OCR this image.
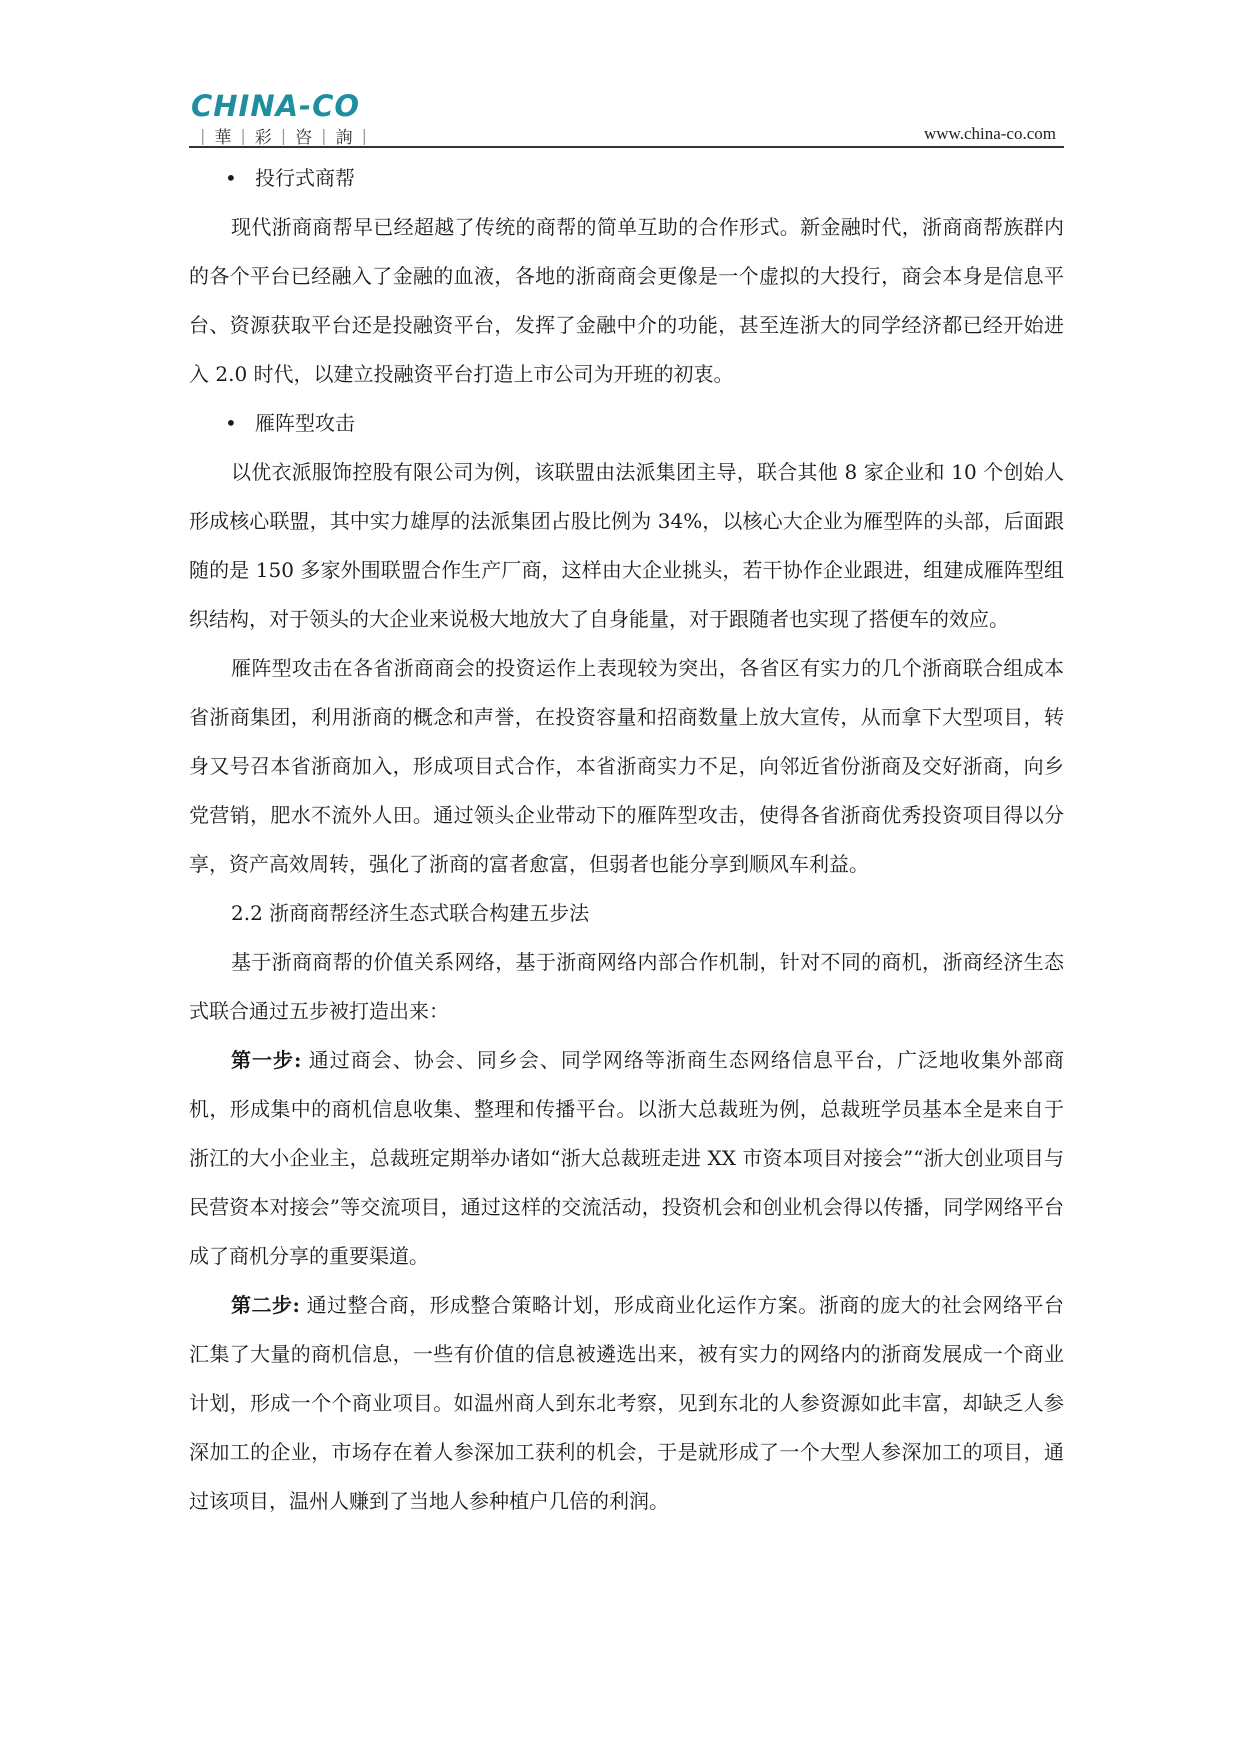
CHINA-CO
| 華 | 彩 | 咨 | 詢 |	www.china-co.com
• 投行式商帮

现代浙商商帮早已经超越了传统的商帮的简单互助的合作形式。新金融时代，浙商商帮族群内的各个平台已经融入了金融的血液，各地的浙商商会更像是一个虚拟的大投行，商会本身是信息平台、资源获取平台还是投融资平台，发挥了金融中介的功能，甚至连浙大的同学经济都已经开始进入 2.0 时代，以建立投融资平台打造上市公司为开班的初衷。

• 雁阵型攻击

以优衣派服饰控股有限公司为例，该联盟由法派集团主导，联合其他 8 家企业和 10 个创始人形成核心联盟，其中实力雄厚的法派集团占股比例为 34%，以核心大企业为雁型阵的头部，后面跟随的是 150 多家外围联盟合作生产厂商，这样由大企业挑头，若干协作企业跟进，组建成雁阵型组织结构，对于领头的大企业来说极大地放大了自身能量，对于跟随者也实现了搭便车的效应。

雁阵型攻击在各省浙商商会的投资运作上表现较为突出，各省区有实力的几个浙商联合组成本省浙商集团，利用浙商的概念和声誉，在投资容量和招商数量上放大宣传，从而拿下大型项目，转身又号召本省浙商加入，形成项目式合作，本省浙商实力不足，向邻近省份浙商及交好浙商，向乡党营销，肥水不流外人田。通过领头企业带动下的雁阵型攻击，使得各省浙商优秀投资项目得以分享，资产高效周转，强化了浙商的富者愈富，但弱者也能分享到顺风车利益。

2.2 浙商商帮经济生态式联合构建五步法

基于浙商商帮的价值关系网络，基于浙商网络内部合作机制，针对不同的商机，浙商经济生态式联合通过五步被打造出来：

第一步: 通过商会、协会、同乡会、同学网络等浙商生态网络信息平台，广泛地收集外部商机，形成集中的商机信息收集、整理和传播平台。以浙大总裁班为例，总裁班学员基本全是来自于浙江的大小企业主，总裁班定期举办诸如“浙大总裁班走进 XX 市资本项目对接会”“浙大创业项目与民营资本对接会”等交流项目，通过这样的交流活动，投资机会和创业机会得以传播，同学网络平台成了商机分享的重要渠道。

第二步: 通过整合商，形成整合策略计划，形成商业化运作方案。浙商的庞大的社会网络平台汇集了大量的商机信息，一些有价值的信息被遴选出来，被有实力的网络内的浙商发展成一个商业计划，形成一个个商业项目。如温州商人到东北考察，见到东北的人参资源如此丰富，却缺乏人参深加工的企业，市场存在着人参深加工获利的机会，于是就形成了一个大型人参深加工的项目，通过该项目，温州人赚到了当地人参种植户几倍的利润。
